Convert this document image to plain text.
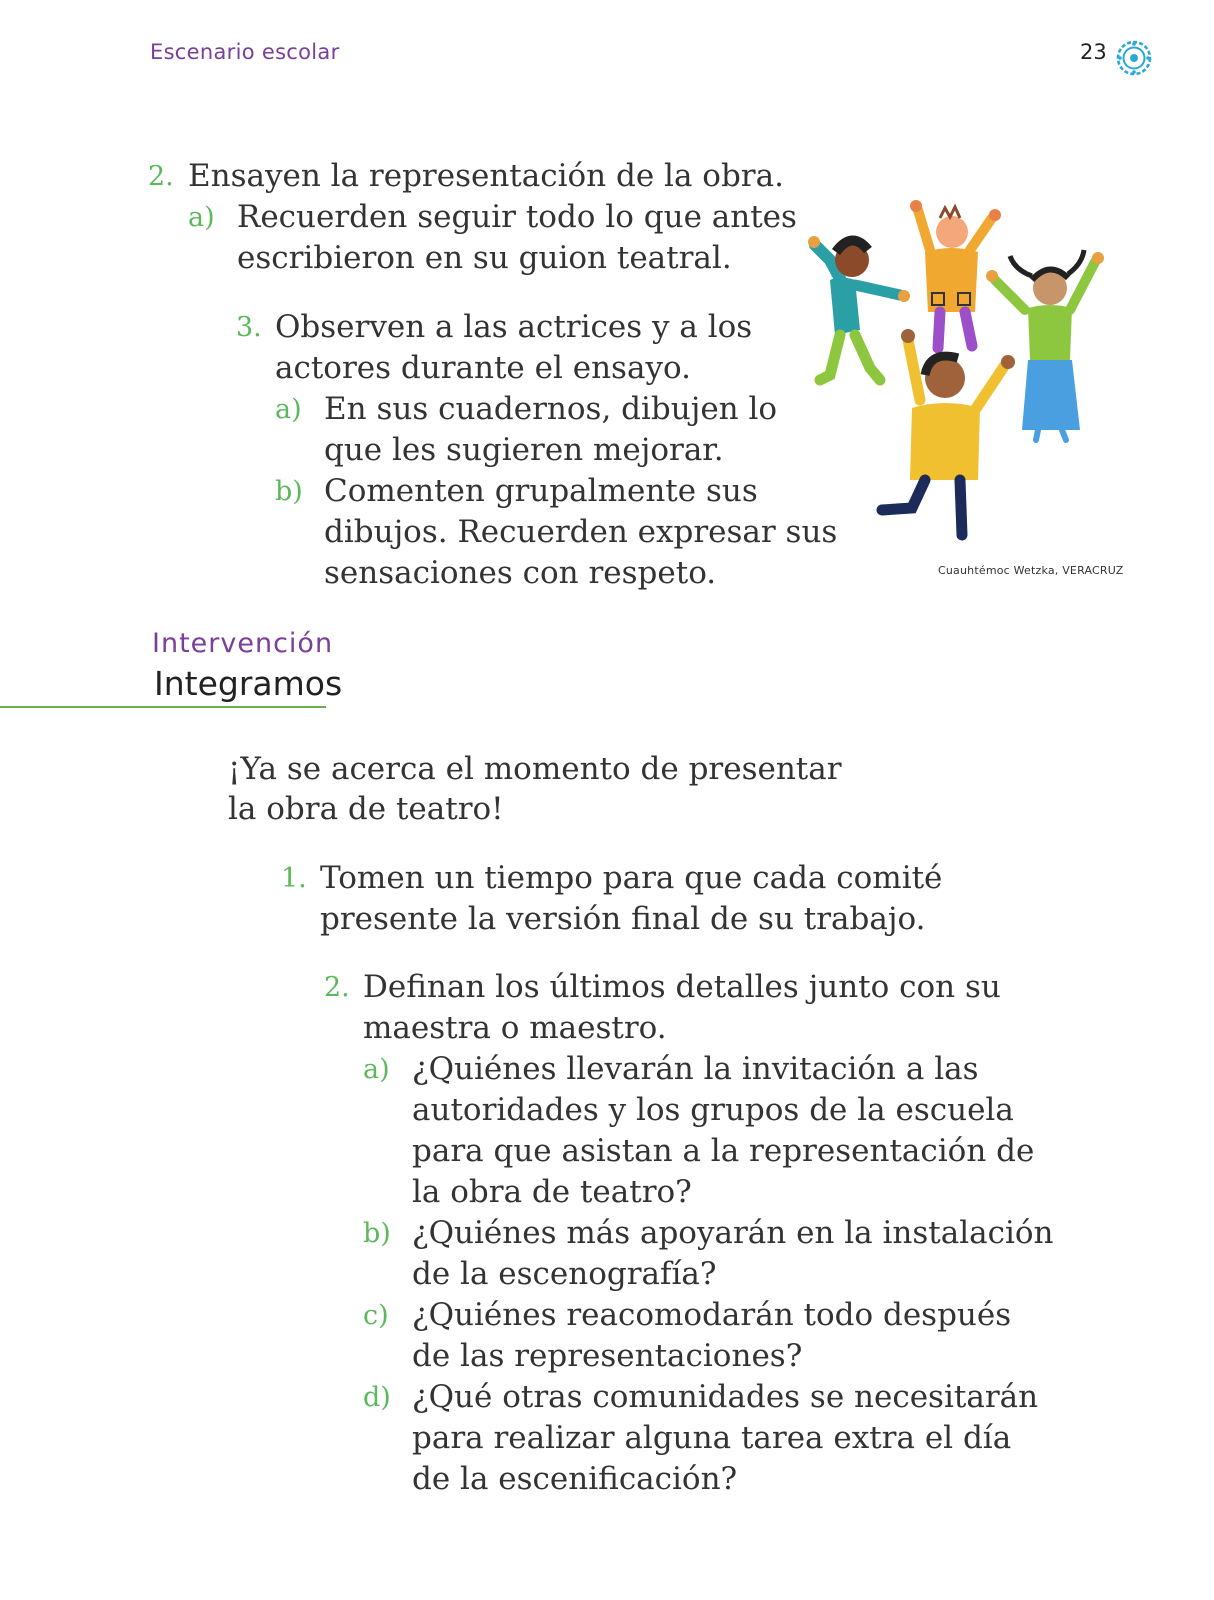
Escenario escolar	23
2. Ensayen la representación de la obra.
a) Recuerden seguir todo lo que antes
escribieron en su guion teatral.
3. Observen a las actrices y a los
actores durante el ensayo.
a) En sus cuadernos, dibujen lo
que les sugieren mejorar.
b) Comenten grupalmente sus
dibujos. Recuerden expresar sus
sensaciones con respeto.	Cuauhtémoc Wetzka, VERACRUZ
Intervención
Integramos
¡Ya se acerca el momento de presentar
la obra de teatro!
1. Tomen un tiempo para que cada comité
presente la versión final de su trabajo.
2. Definan los últimos detalles junto con su
maestra o maestro.
a) ¿Quiénes llevarán la invitación a las
autoridades y los grupos de la escuela
para que asistan a la representación de
la obra de teatro?
b) ¿Quiénes más apoyarán en la instalación
de la escenografía?
c) ¿Quiénes reacomodarán todo después
de las representaciones?
d) ¿Qué otras comunidades se necesitarán
para realizar alguna tarea extra el día
de la escenificación?
